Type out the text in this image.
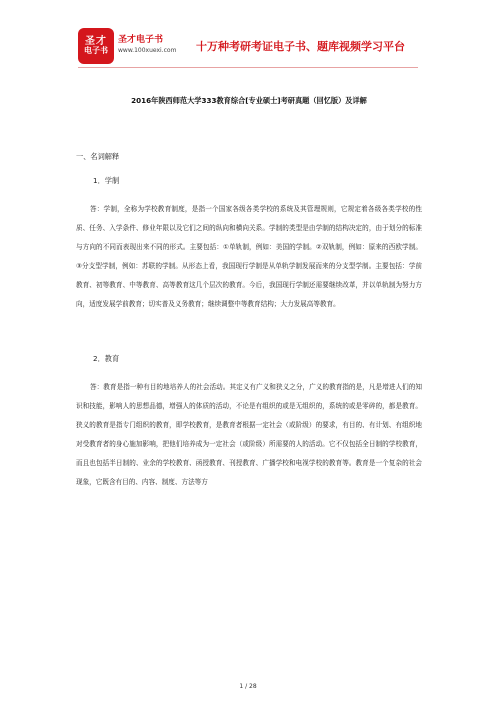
圣才
电子书
圣才电子书
www.100xuexi.com 十万种考研考证电子书、题库视频学习平台
2016年陕西师范大学333教育综合[专业硕士]考研真题（回忆版）及详解
一、名词解释
1．学制

答：学制，全称为学校教育制度，是指一个国家各级各类学校的系统及其管理规则，它规定着各级各类学校的性质、任务、入学条件、修业年限以及它们之间的纵向和横向关系。学制的类型是由学制的结构决定的，由于划分的标准与方向的不同而表现出来不同的形式。主要包括：①单轨制，例如：美国的学制。②双轨制，例如：原来的西欧学制。③分支型学制，例如：苏联的学制。从形态上看，我国现行学制是从单轨学制发展而来的分支型学制。主要包括：学前教育、初等教育、中等教育、高等教育这几个层次的教育。今后，我国现行学制还需要继续改革，并以单轨制为努力方向，适度发展学前教育；切实普及义务教育；继续调整中等教育结构；大力发展高等教育。

2．教育

答：教育是指一种有目的地培养人的社会活动。其定义有广义和狭义之分，广义的教育指的是，凡是增进人们的知识和技能，影响人的思想品德，增强人的体质的活动，不论是有组织的或是无组织的，系统的或是零碎的，都是教育。狭义的教育是指专门组织的教育，即学校教育，是教育者根据一定社会（或阶级）的要求，有目的、有计划、有组织地对受教育者的身心施加影响，把他们培养成为一定社会（或阶级）所需要的人的活动。它不仅包括全日制的学校教育，而且也包括半日制的、业余的学校教育、函授教育、刊授教育、广播学校和电视学校的教育等。教育是一个复杂的社会现象，它既含有目的、内容、制度、方法等方

1 / 28
